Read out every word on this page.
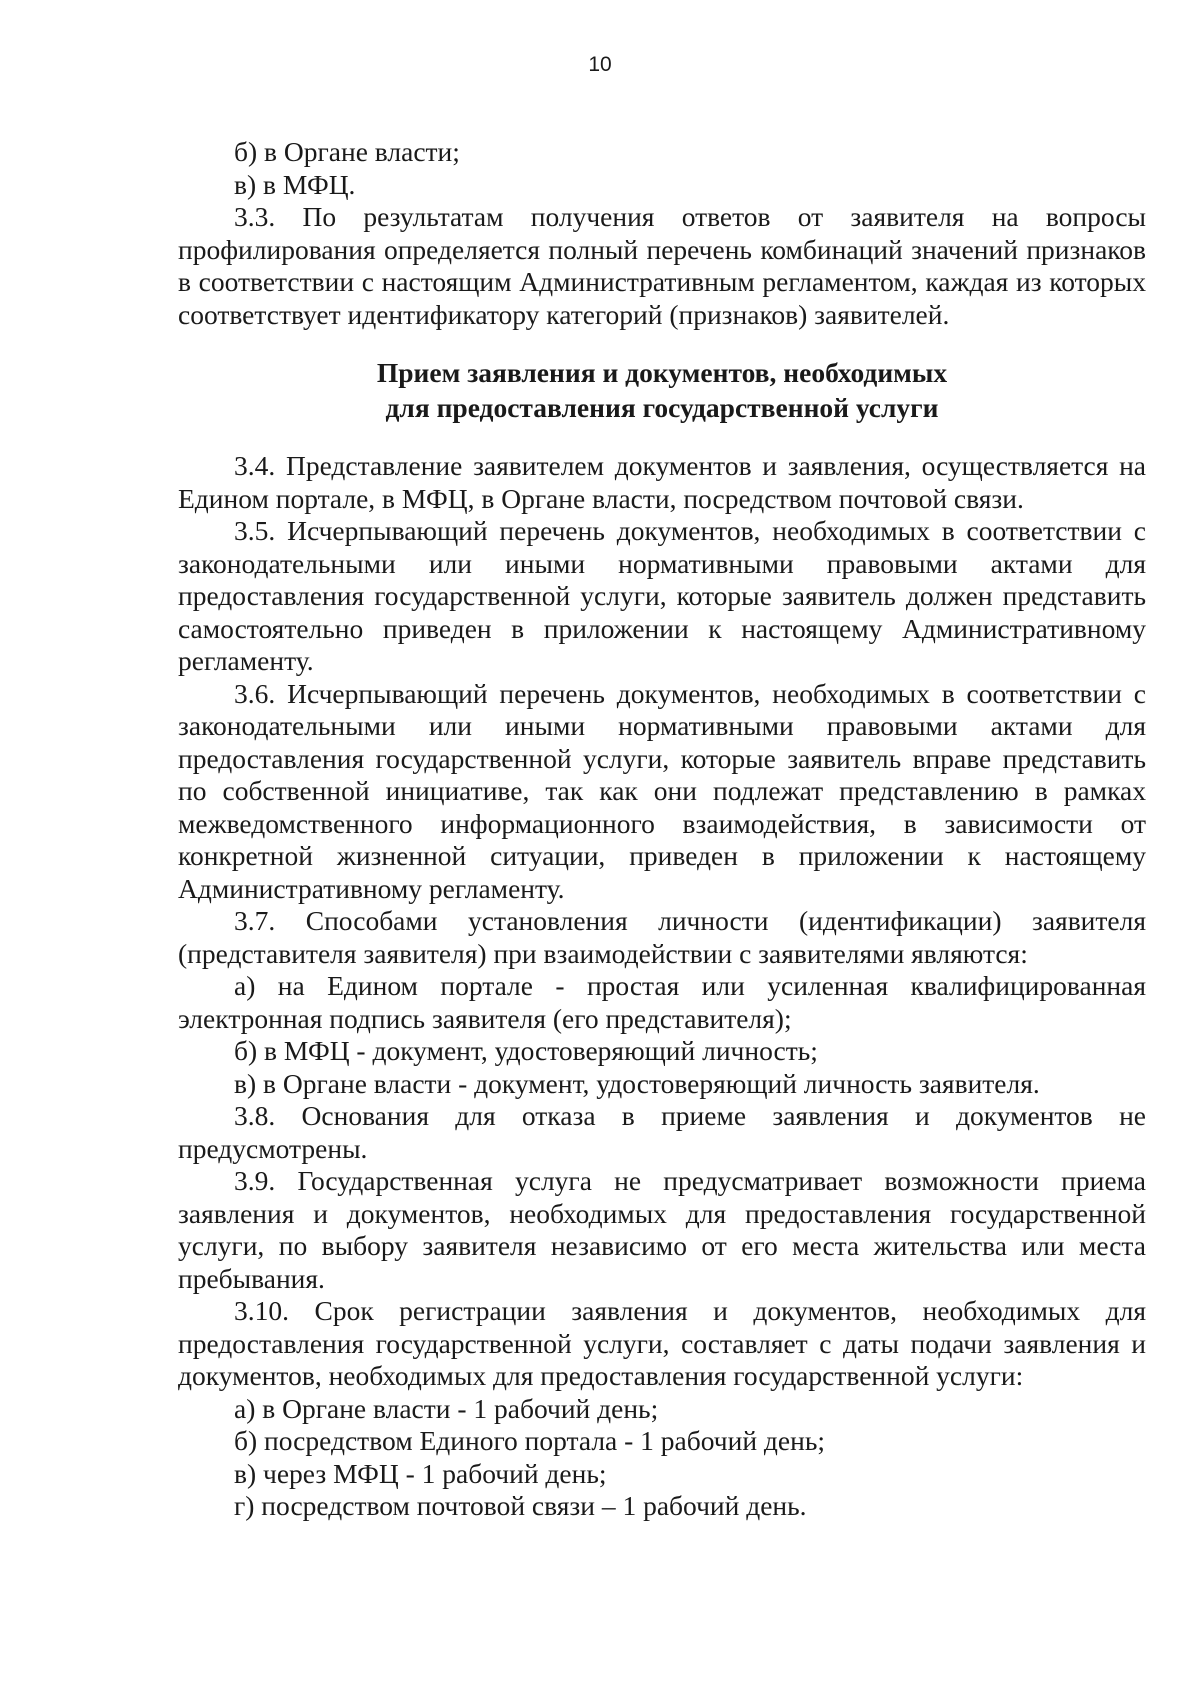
10

б) в Органе власти;

в) в МФЦ.

3.3. По результатам получения ответов от заявителя на вопросы профилирования определяется полный перечень комбинаций значений признаков в соответствии с настоящим Административным регламентом, каждая из которых соответствует идентификатору категорий (признаков) заявителей.

Прием заявления и документов, необходимых
для предоставления государственной услуги

3.4. Представление заявителем документов и заявления, осуществляется на Едином портале, в МФЦ, в Органе власти, посредством почтовой связи.

3.5. Исчерпывающий перечень документов, необходимых в соответствии с законодательными или иными нормативными правовыми актами для предоставления государственной услуги, которые заявитель должен представить самостоятельно приведен в приложении к настоящему Административному регламенту.

3.6. Исчерпывающий перечень документов, необходимых в соответствии с законодательными или иными нормативными правовыми актами для предоставления государственной услуги, которые заявитель вправе представить по собственной инициативе, так как они подлежат представлению в рамках межведомственного информационного взаимодействия, в зависимости от конкретной жизненной ситуации, приведен в приложении к настоящему Административному регламенту.

3.7. Способами установления личности (идентификации) заявителя (представителя заявителя) при взаимодействии с заявителями являются:

а) на Едином портале - простая или усиленная квалифицированная электронная подпись заявителя (его представителя);

б) в МФЦ - документ, удостоверяющий личность;

в) в Органе власти - документ, удостоверяющий личность заявителя.

3.8. Основания для отказа в приеме заявления и документов не предусмотрены.

3.9. Государственная услуга не предусматривает возможности приема заявления и документов, необходимых для предоставления государственной услуги, по выбору заявителя независимо от его места жительства или места пребывания.

3.10. Срок регистрации заявления и документов, необходимых для предоставления государственной услуги, составляет с даты подачи заявления и документов, необходимых для предоставления государственной услуги:

а) в Органе власти - 1 рабочий день;

б) посредством Единого портала - 1 рабочий день;

в) через МФЦ - 1 рабочий день;

г) посредством почтовой связи – 1 рабочий день.
